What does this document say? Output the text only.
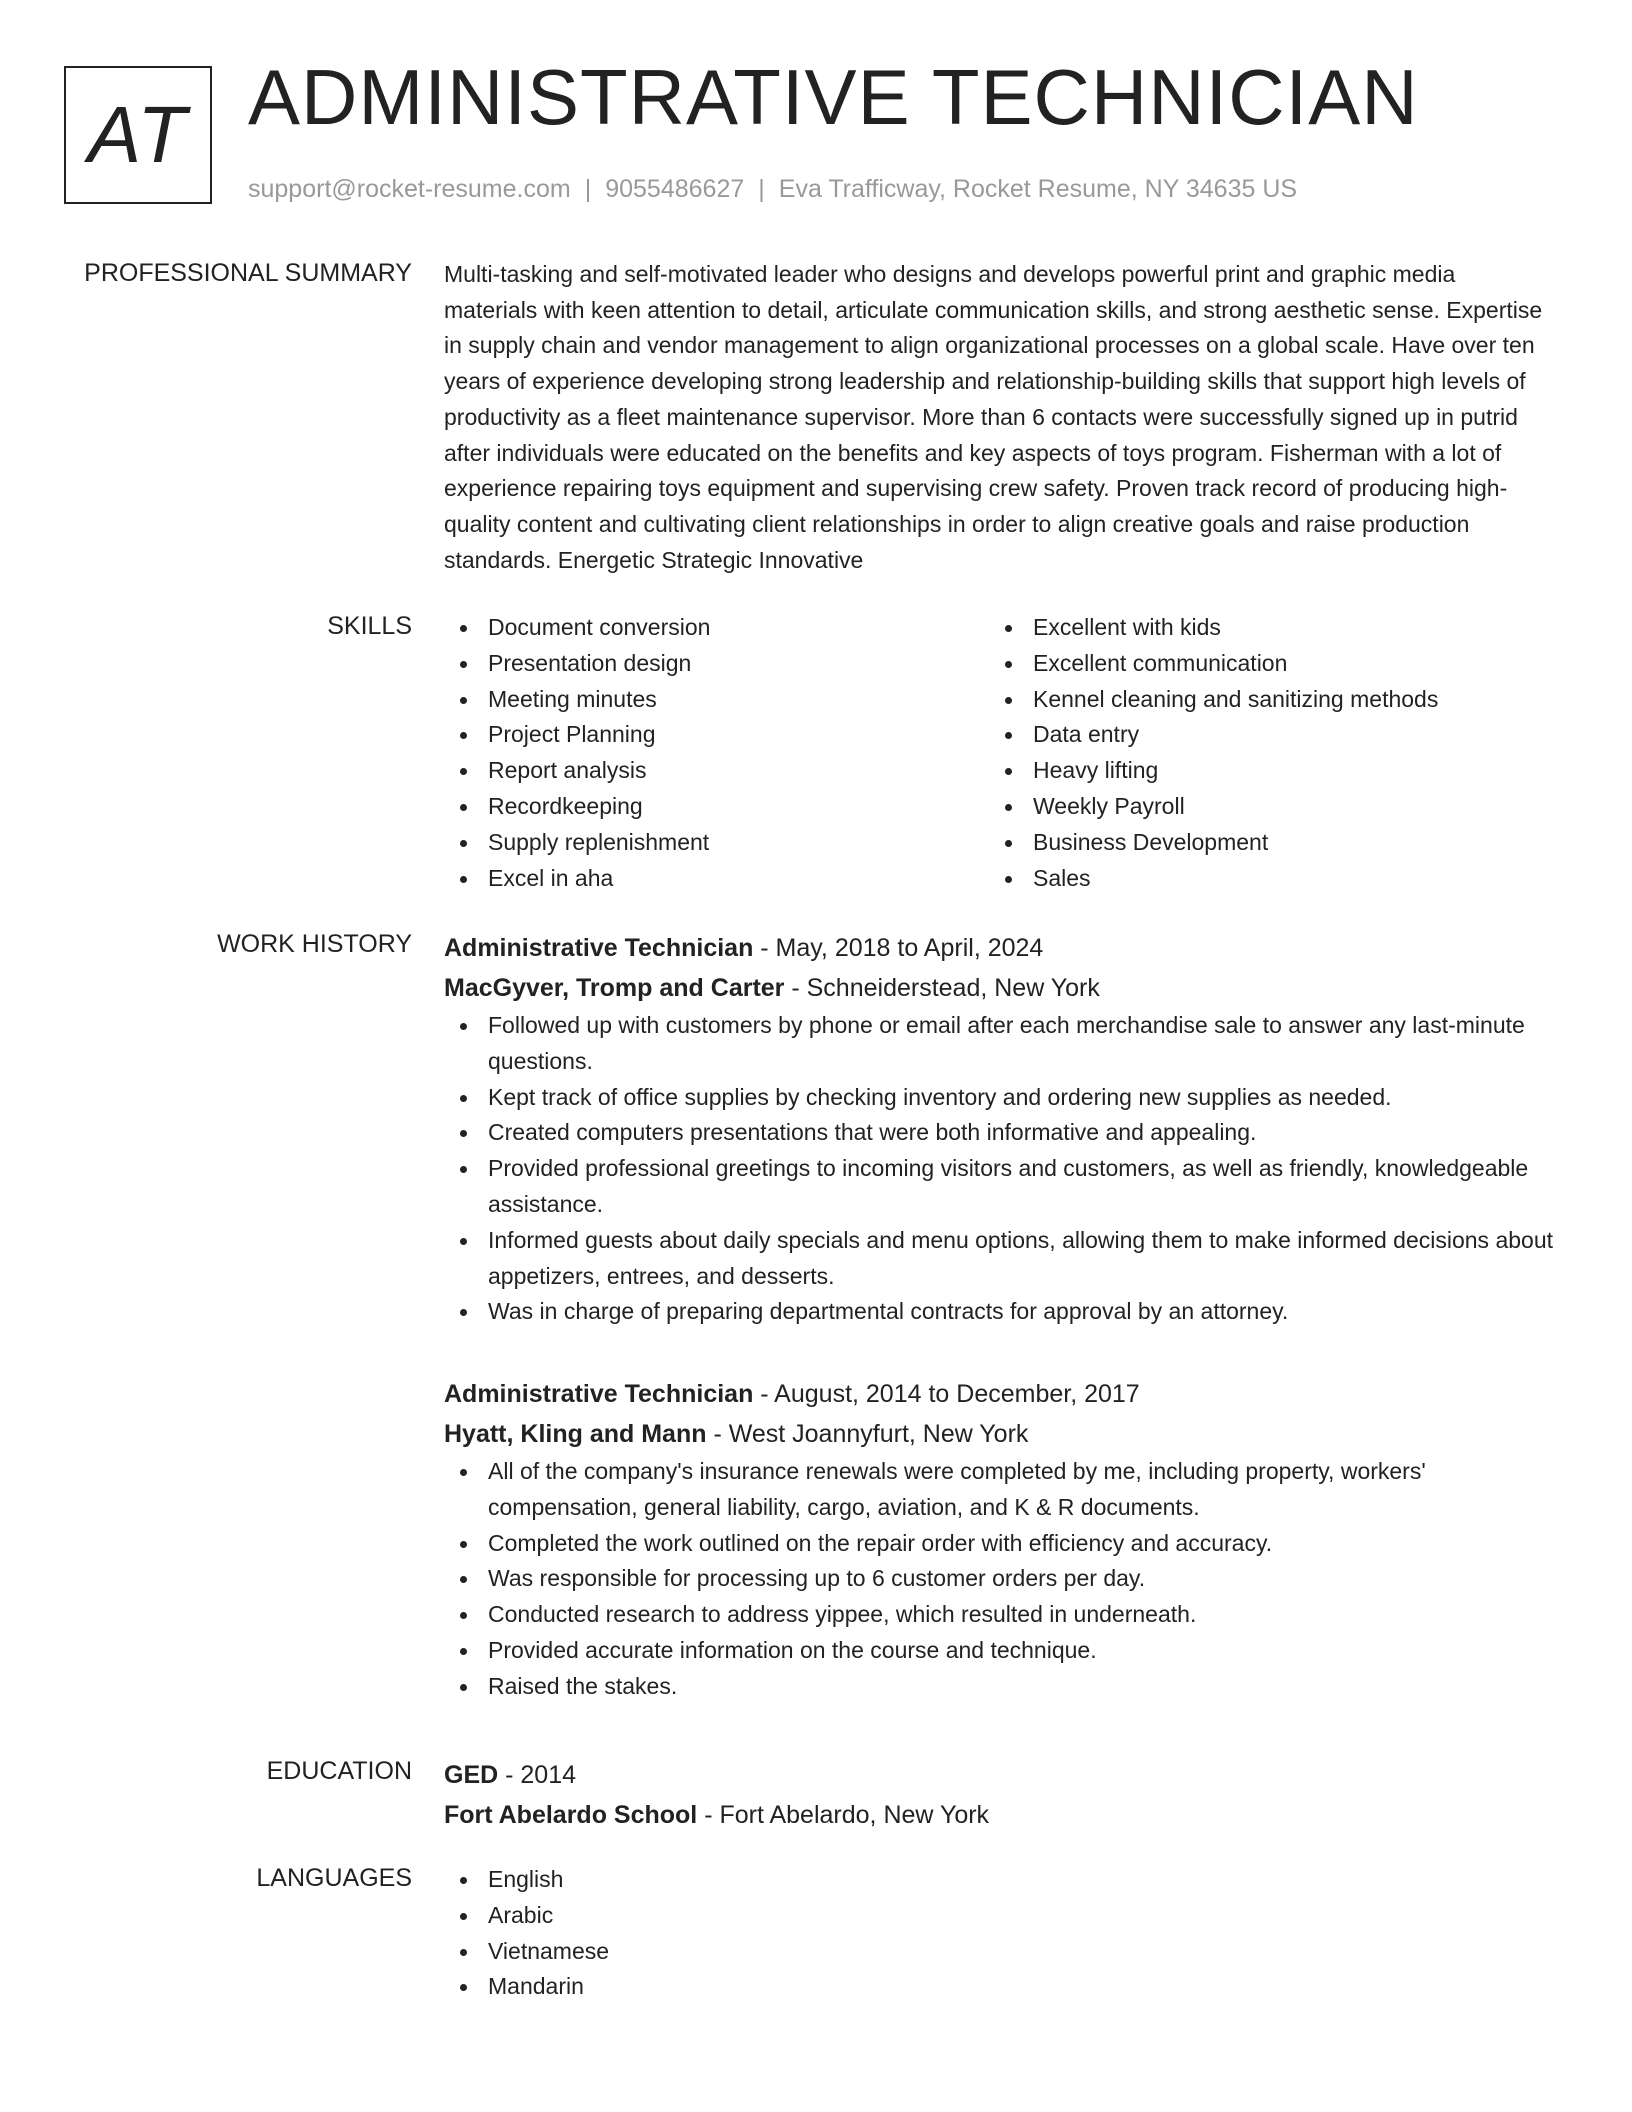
AT ADMINISTRATIVE TECHNICIAN
support@rocket-resume.com | 9055486627 | Eva Trafficway, Rocket Resume, NY 34635 US
PROFESSIONAL SUMMARY Multi-tasking and self-motivated leader who designs and develops powerful print and graphic media materials with keen attention to detail, articulate communication skills, and strong aesthetic sense. Expertise in supply chain and vendor management to align organizational processes on a global scale. Have over ten years of experience developing strong leadership and relationship-building skills that support high levels of productivity as a fleet maintenance supervisor. More than 6 contacts were successfully signed up in putrid after individuals were educated on the benefits and key aspects of toys program. Fisherman with a lot of experience repairing toys equipment and supervising crew safety. Proven track record of producing high-quality content and cultivating client relationships in order to align creative goals and raise production standards. Energetic Strategic Innovative

SKILLS	Document conversion
Presentation design
Meeting minutes
Project Planning
Report analysis
Recordkeeping
Supply replenishment
Excel in aha
Excellent with kids
Excellent communication
Kennel cleaning and sanitizing methods
Data entry
Heavy lifting
Weekly Payroll
Business Development
Sales
WORK HISTORY Administrative Technician - May, 2018 to April, 2024
MacGyver, Tromp and Carter - Schneiderstead, New York
Followed up with customers by phone or email after each merchandise sale to answer any last-minute questions.
Kept track of office supplies by checking inventory and ordering new supplies as needed.
Created computers presentations that were both informative and appealing.
Provided professional greetings to incoming visitors and customers, as well as friendly, knowledgeable assistance.
Informed guests about daily specials and menu options, allowing them to make informed decisions about appetizers, entrees, and desserts.
Was in charge of preparing departmental contracts for approval by an attorney.
Administrative Technician - August, 2014 to December, 2017
Hyatt, Kling and Mann - West Joannyfurt, New York
All of the company's insurance renewals were completed by me, including property, workers' compensation, general liability, cargo, aviation, and K & R documents.
Completed the work outlined on the repair order with efficiency and accuracy.
Was responsible for processing up to 6 customer orders per day.
Conducted research to address yippee, which resulted in underneath.
Provided accurate information on the course and technique.
Raised the stakes.
EDUCATION GED - 2014
Fort Abelardo School - Fort Abelardo, New York
LANGUAGES	English
Arabic
Vietnamese
Mandarin
